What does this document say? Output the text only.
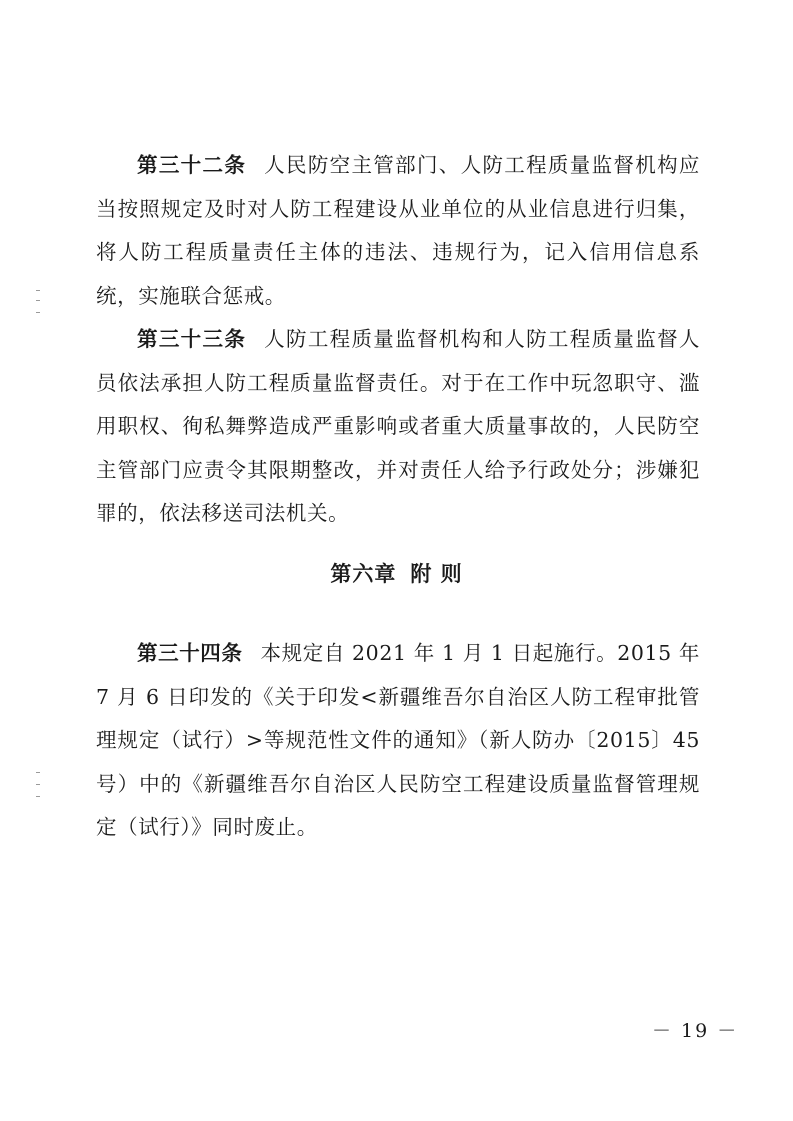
第三十二条 人民防空主管部门、人防工程质量监督机构应当按照规定及时对人防工程建设从业单位的从业信息进行归集，将人防工程质量责任主体的违法、违规行为，记入信用信息系统，实施联合惩戒。

第三十三条 人防工程质量监督机构和人防工程质量监督人员依法承担人防工程质量监督责任。对于在工作中玩忽职守、滥用职权、徇私舞弊造成严重影响或者重大质量事故的，人民防空主管部门应责令其限期整改，并对责任人给予行政处分；涉嫌犯罪的，依法移送司法机关。

第六章 附 则

第三十四条 本规定自 2021 年 1 月 1 日起施行。2015 年 7 月 6 日印发的《关于印发<新疆维吾尔自治区人防工程审批管理规定（试行）>等规范性文件的通知》（新人防办〔2015〕45 号）中的《新疆维吾尔自治区人民防空工程建设质量监督管理规定（试行）》同时废止。

－ 19 －
